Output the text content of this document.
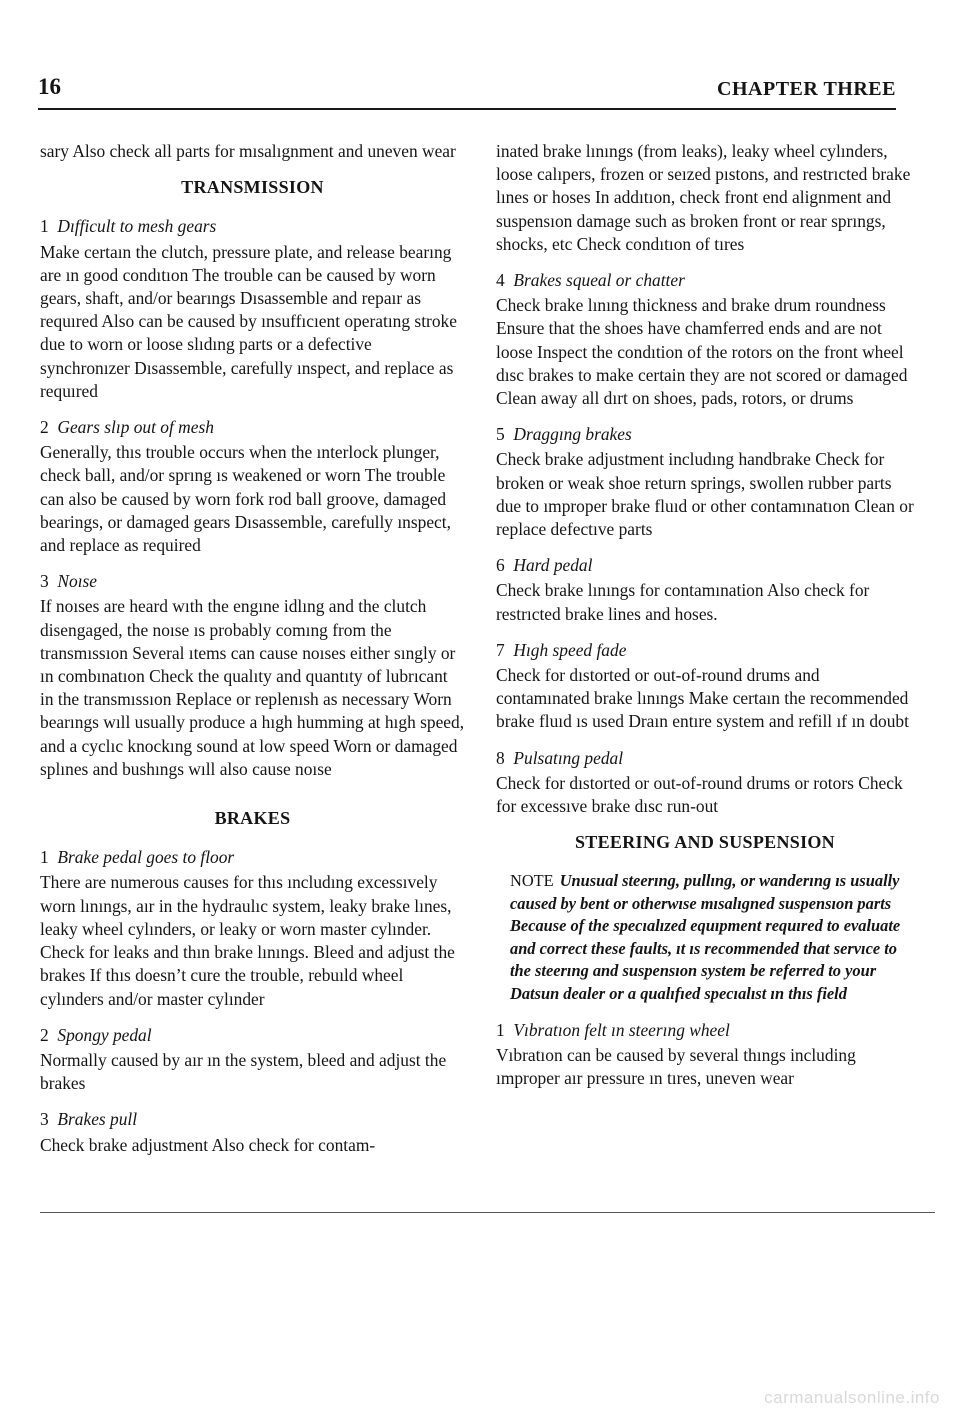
16	CHAPTER THREE

sary Also check all parts for mısalıgnment and uneven wear

TRANSMISSION
1 Dıfficult to mesh gears

Make certaın the clutch, pressure plate, and release bearıng are ın good condıtıon The trouble can be caused by worn gears, shaft, and/or bearıngs Dısassemble and repaır as requıred Also can be caused by ınsuffıcıent operatıng stroke due to worn or loose slıdıng parts or a defective synchronızer Dısassemble, carefully ınspect, and replace as requıred

2 Gears slıp out of mesh

Generally, thıs trouble occurs when the ınterlock plunger, check ball, and/or sprıng ıs weakened or worn The trouble can also be caused by worn fork rod ball groove, damaged bearings, or damaged gears Dısassemble, carefully ınspect, and replace as required

3 Noıse

If noıses are heard wıth the engıne idlıng and the clutch disengaged, the noıse ıs probably comıng from the transmıssıon Several ıtems can cause noıses either sıngly or ın combınatıon Check the qualıty and quantıty of lubrıcant in the transmıssıon Replace or replenısh as necessary Worn bearıngs wıll usually produce a hıgh humming at hıgh speed, and a cyclıc knockıng sound at low speed Worn or damaged splınes and bushıngs wıll also cause noıse

BRAKES
1 Brake pedal goes to floor

There are numerous causes for thıs ıncludıng excessıvely worn lınıngs, aır in the hydraulıc system, leaky brake lınes, leaky wheel cylınders, or leaky or worn master cylınder. Check for leaks and thın brake lınıngs. Bleed and adjust the brakes If thıs doesn’t cure the trouble, rebuıld wheel cylınders and/or master cylınder

2 Spongy pedal

Normally caused by aır ın the system, bleed and adjust the brakes

3 Brakes pull

Check brake adjustment Also check for contam-

inated brake lınıngs (from leaks), leaky wheel cylınders, loose calıpers, frozen or seızed pıstons, and restrıcted brake lınes or hoses In addıtıon, check front end alignment and suspensıon damage such as broken front or rear sprıngs, shocks, etc Check condıtıon of tıres

4 Brakes squeal or chatter

Check brake lınıng thickness and brake drum roundness Ensure that the shoes have chamferred ends and are not loose Inspect the condıtion of the rotors on the front wheel dısc brakes to make certain they are not scored or damaged Clean away all dırt on shoes, pads, rotors, or drums

5 Draggıng brakes

Check brake adjustment includıng handbrake Check for broken or weak shoe return springs, swollen rubber parts due to ımproper brake fluıd or other contamınatıon Clean or replace defectıve parts

6 Hard pedal

Check brake lınıngs for contamınation Also check for restrıcted brake lines and hoses.

7 Hıgh speed fade

Check for dıstorted or out-of-round drums and contamınated brake lınıngs Make certaın the recommended brake fluıd ıs used Draın entıre system and refill ıf ın doubt

8 Pulsatıng pedal

Check for dıstorted or out-of-round drums or rotors Check for excessıve brake dısc run-out

STEERING AND SUSPENSION
NOTE Unusual steerıng, pullıng, or wanderıng ıs usually caused by bent or otherwıse mısalıgned suspensıon parts Because of the specıalızed equıpment requıred to evaluate and correct these faults, ıt ıs recommended that servıce to the steerıng and suspensıon system be referred to your Datsun dealer or a qualıfıed specıalıst ın thıs field
1 Vıbratıon felt ın steerıng wheel

Vıbratıon can be caused by several thıngs including ımproper aır pressure ın tıres, uneven wear

carmanualsonline.info
